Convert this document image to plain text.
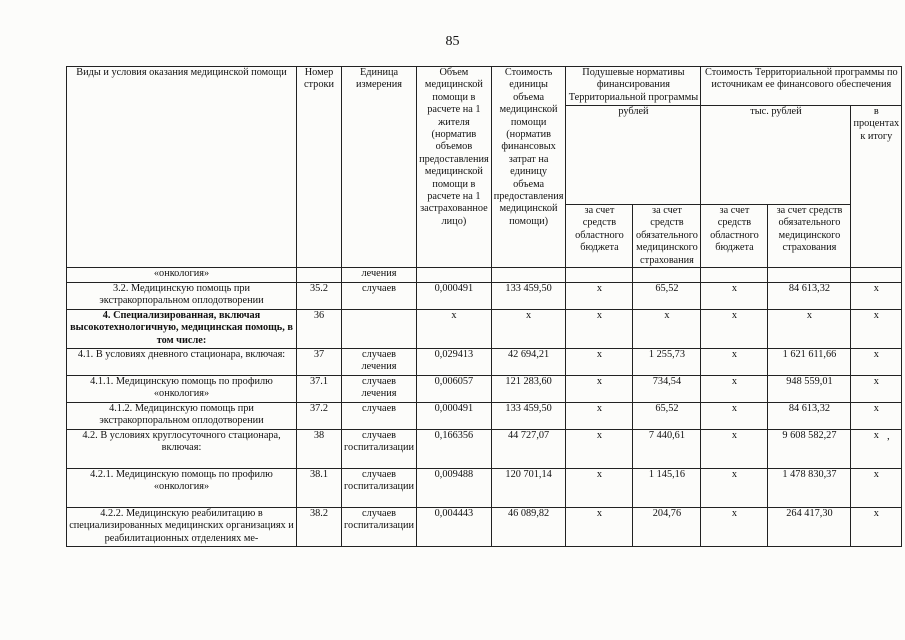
85
Виды и условия оказания медицинской помощи	Номер строки	Единица измерения	Объем медицинской помощи в расчете на 1 жителя (норматив объемов предоставления медицинской помощи в расчете на 1 застрахованное лицо)	Стоимость единицы объема медицинской помощи (норматив финансовых затрат на единицу объема предоставления медицинской помощи)	Подушевые нормативы финансирования Территориальной программы		Стоимость Территориальной программы по источникам ее финансового обеспечения		
					рублей		тыс. рублей		в процентах к итогу
					за счет средств областного бюджета	за счет средств обязательного медицинского страхования	за счет средств областного бюджета	за счет средств обязательного медицинского страхования	
«онкология»		лечения							
3.2. Медицинскую помощь при экстракорпоральном оплодотворении	35.2	случаев	0,000491	133 459,50	x	65,52	x	84 613,32	x
4. Специализированная, включая высокотехнологичную, медицинская помощь, в том числе:	36		x	x	x	x	x	x	x
4.1. В условиях дневного стационара, включая:	37	случаев лечения	0,029413	42 694,21	x	1 255,73	x	1 621 611,66	x
4.1.1. Медицинскую помощь по профилю «онкология»	37.1	случаев лечения	0,006057	121 283,60	x	734,54	x	948 559,01	x
4.1.2. Медицинскую помощь при экстракорпоральном оплодотворении	37.2	случаев	0,000491	133 459,50	x	65,52	x	84 613,32	x
4.2. В условиях круглосуточного стационара, включая:	38	случаев госпитализации	0,166356	44 727,07	x	7 440,61	x	9 608 582,27	x
4.2.1. Медицинскую помощь по профилю «онкология»	38.1	случаев госпитализации	0,009488	120 701,14	x	1 145,16	x	1 478 830,37	x
4.2.2. Медицинскую реабилитацию в специализированных медицинских организациях и реабилитационных отделениях ме-	38.2	случаев госпитализации	0,004443	46 089,82	x	204,76	x	264 417,30	x
,
